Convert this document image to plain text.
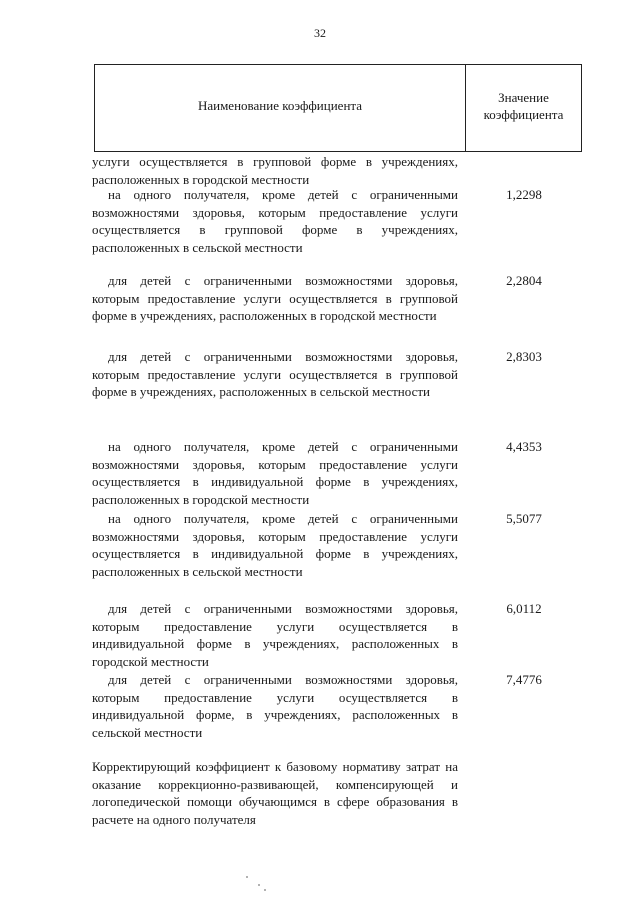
32
Наименование коэффициента
Значение
коэффициента
услуги осуществляется в групповой форме в учреждениях, расположенных в городской местности
на одного получателя, кроме детей с ограниченными возможностями здоровья, которым предоставление услуги осуществляется в групповой форме в учреждениях, расположенных в сельской местности
1,2298
для детей с ограниченными возможностями здоровья, которым предоставление услуги осуществляется в групповой форме в учреждениях, расположенных в городской местности
2,2804
для детей с ограниченными возможностями здоровья, которым предоставление услуги осуществляется в групповой форме в учреждениях, расположенных в сельской местности
2,8303
на одного получателя, кроме детей с ограниченными возможностями здоровья, которым предоставление услуги осуществляется в индивидуальной форме в учреждениях, расположенных в городской местности
4,4353
на одного получателя, кроме детей с ограниченными возможностями здоровья, которым предоставление услуги осуществляется в индивидуальной форме в учреждениях, расположенных в сельской местности
5,5077
для детей с ограниченными возможностями здоровья, которым предоставление услуги осуществляется в индивидуальной форме в учреждениях, расположенных в городской местности
6,0112
для детей с ограниченными возможностями здоровья, которым предоставление услуги осуществляется в индивидуальной форме, в учреждениях, расположенных в сельской местности
7,4776
Корректирующий коэффициент к базовому нормативу затрат на оказание коррекционно-развивающей, компенсирующей и логопедической помощи обучающимся в сфере образования в расчете на одного получателя
